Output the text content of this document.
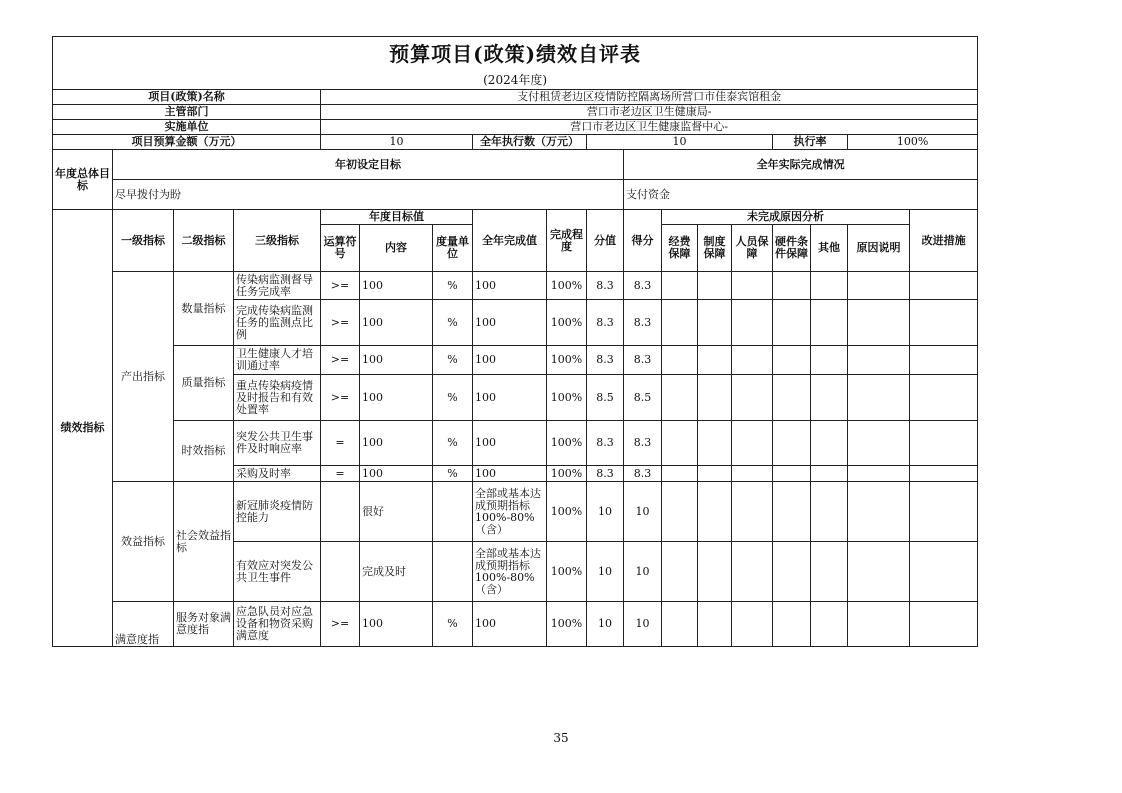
预算项目(政策)绩效自评表																	
(2024年度)																	
项目(政策)名称				支付租赁老边区疫情防控隔离场所营口市佳泰宾馆租金													
主管部门				营口市老边区卫生健康局-													
实施单位				营口市老边区卫生健康监督中心-													
项目预算金额（万元）				10			全年执行数（万元）		10					执行率		100%	
年度总体目标	年初设定目标									全年实际完成情况							
	尽早拨付为盼									支付资金							
绩效指标	一级指标	二级指标	三级指标	年度目标值			全年完成值	完成程度	分值	得分	未完成原因分析						改进措施
				运算符号	内容	度量单位					经费保障	制度保障	人员保障	硬件条件保障	其他	原因说明	
	产出指标	数量指标	传染病监测督导任务完成率	>=	100	%	100	100%	8.3	8.3							
			完成传染病监测任务的监测点比例	>=	100	%	100	100%	8.3	8.3							
		质量指标	卫生健康人才培训通过率	>=	100	%	100	100%	8.3	8.3							
			重点传染病疫情及时报告和有效处置率	>=	100	%	100	100%	8.5	8.5							
		时效指标	突发公共卫生事件及时响应率	=	100	%	100	100%	8.3	8.3							
			采购及时率	=	100	%	100	100%	8.3	8.3							
	效益指标	社会效益指标	新冠肺炎疫情防控能力		很好		全部或基本达成预期指标100%-80%（含）	100%	10	10							
			有效应对突发公共卫生事件		完成及时		全部或基本达成预期指标100%-80%（含）	100%	10	10							
	满意度指	服务对象满意度指	应急队员对应急设备和物资采购满意度	>=	100	%	100	100%	10	10							
35
